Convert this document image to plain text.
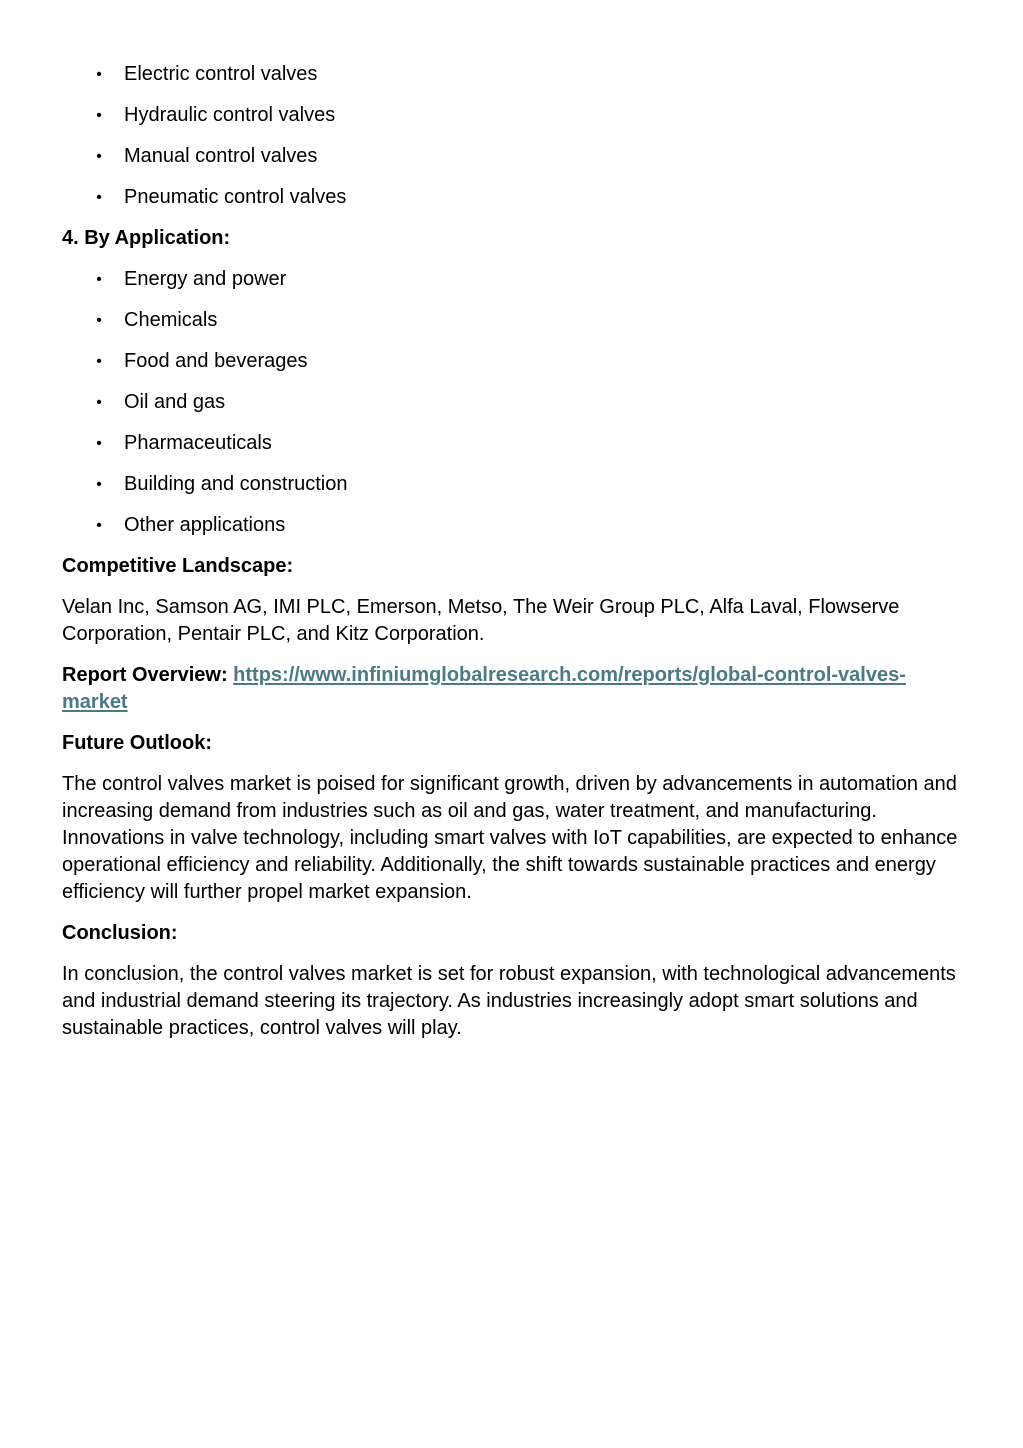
• Electric control valves
• Hydraulic control valves
• Manual control valves
• Pneumatic control valves
4. By Application:
• Energy and power
• Chemicals
• Food and beverages
• Oil and gas
• Pharmaceuticals
• Building and construction
• Other applications
Competitive Landscape:

Velan Inc, Samson AG, IMI PLC, Emerson, Metso, The Weir Group PLC, Alfa Laval, Flowserve Corporation, Pentair PLC, and Kitz Corporation.

Report Overview: https://www.infiniumglobalresearch.com/reports/global-control-valves-market

Future Outlook:

The control valves market is poised for significant growth, driven by advancements in automation and increasing demand from industries such as oil and gas, water treatment, and manufacturing. Innovations in valve technology, including smart valves with IoT capabilities, are expected to enhance operational efficiency and reliability. Additionally, the shift towards sustainable practices and energy efficiency will further propel market expansion.

Conclusion:

In conclusion, the control valves market is set for robust expansion, with technological advancements and industrial demand steering its trajectory. As industries increasingly adopt smart solutions and sustainable practices, control valves will play.
